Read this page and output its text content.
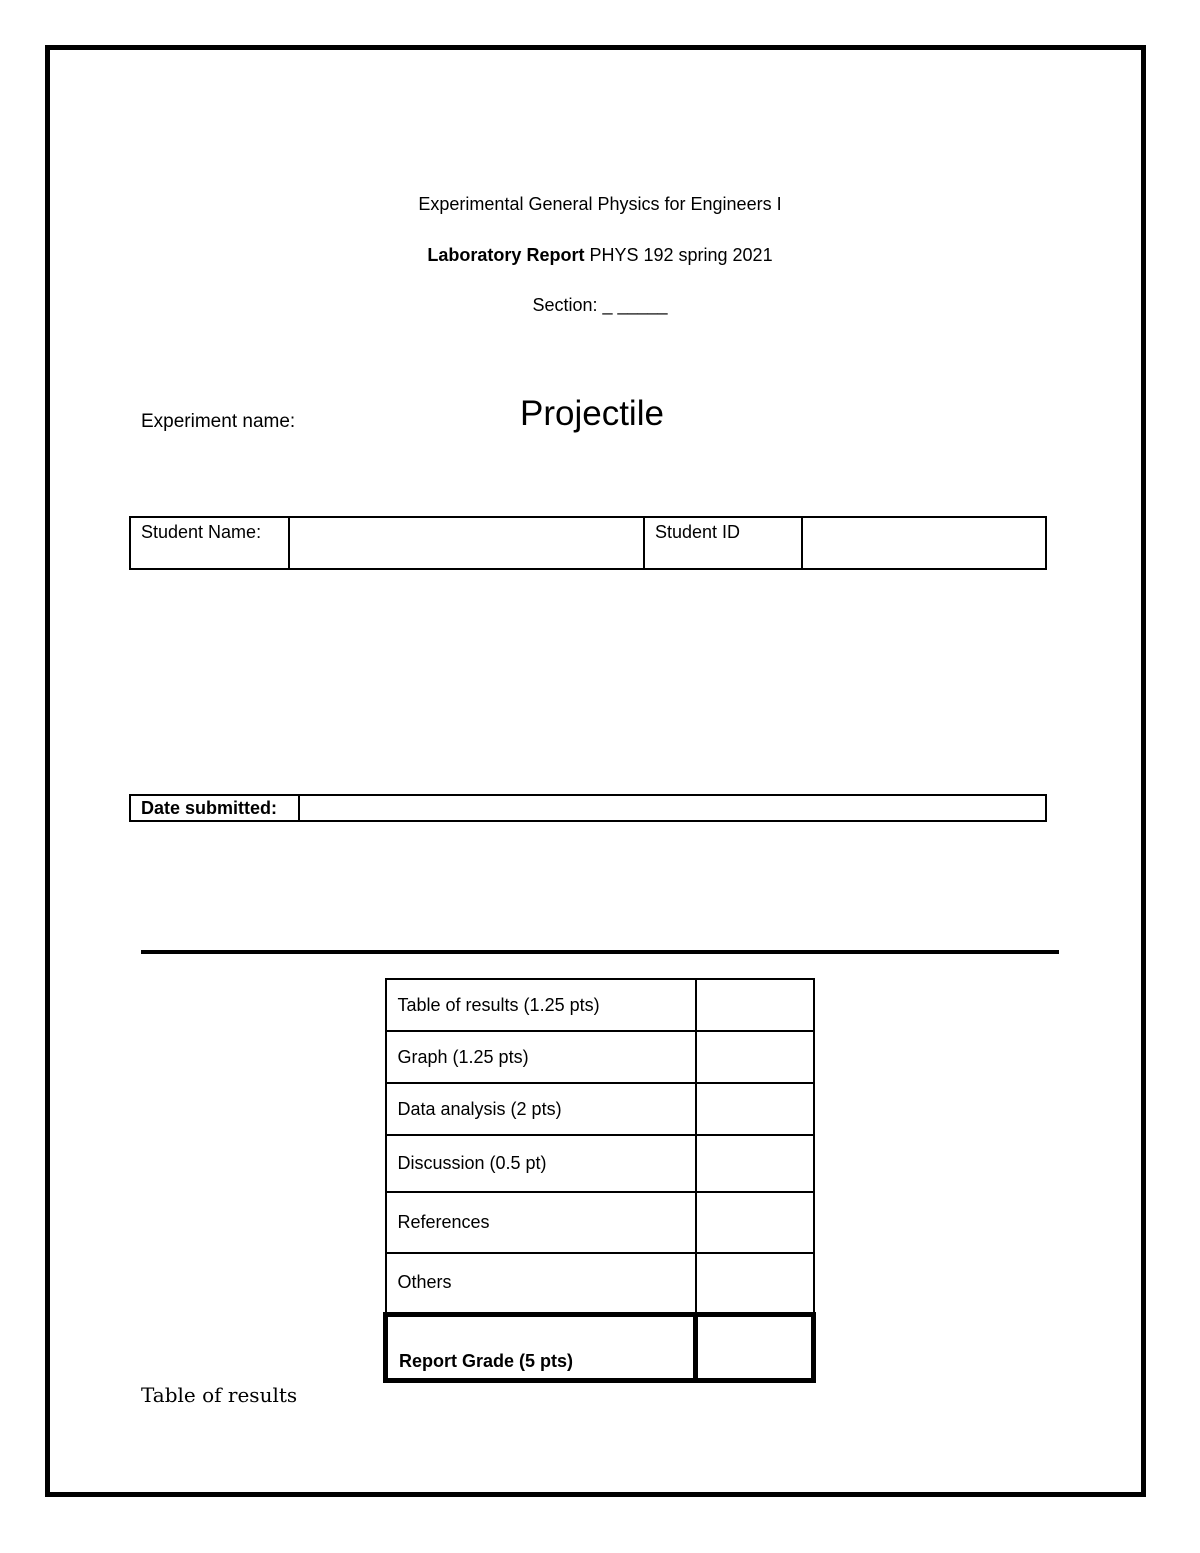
Experimental General Physics for Engineers I
Laboratory Report PHYS 192 spring 2021
Section: _ _____
Experiment name:	Projectile
Student Name:		Student ID	
Date submitted:	
Table of results (1.25 pts)	
Graph (1.25 pts)	
Data analysis (2 pts)	
Discussion (0.5 pt)	
References	
Others	
Report Grade (5 pts)	
Table of results
